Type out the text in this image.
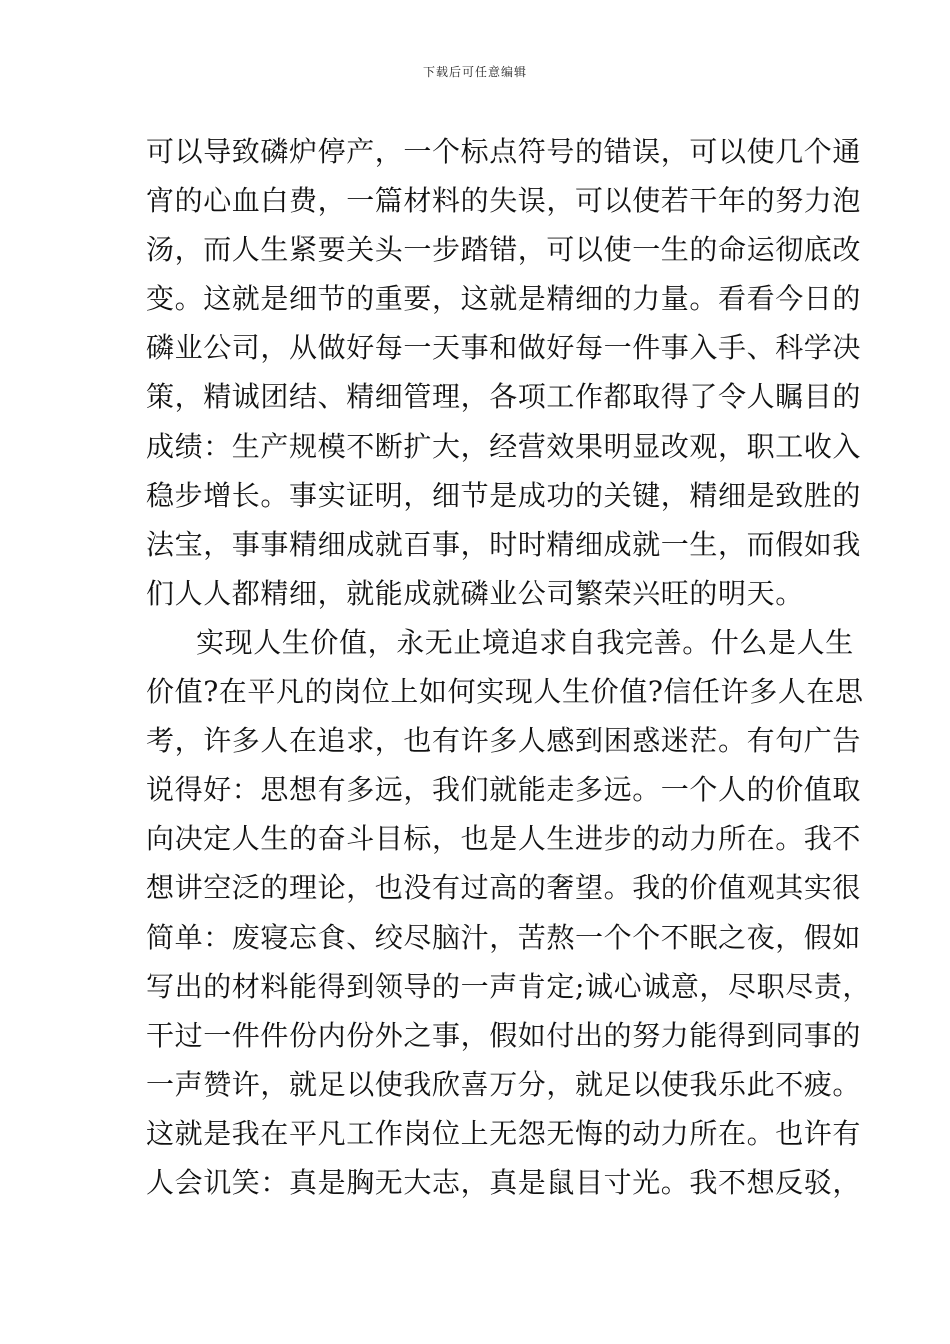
下载后可任意编辑
可以导致磷炉停产，一个标点符号的错误，可以使几个通
宵的心血白费，一篇材料的失误，可以使若干年的努力泡
汤，而人生紧要关头一步踏错，可以使一生的命运彻底改
变。这就是细节的重要，这就是精细的力量。看看今日的
磷业公司，从做好每一天事和做好每一件事入手、科学决
策，精诚团结、精细管理，各项工作都取得了令人瞩目的
成绩：生产规模不断扩大，经营效果明显改观，职工收入
稳步增长。事实证明，细节是成功的关键，精细是致胜的
法宝，事事精细成就百事，时时精细成就一生，而假如我
们人人都精细，就能成就磷业公司繁荣兴旺的明天。
实现人生价值，永无止境追求自我完善。什么是人生
价值?在平凡的岗位上如何实现人生价值?信任许多人在思
考，许多人在追求，也有许多人感到困惑迷茫。有句广告
说得好：思想有多远，我们就能走多远。一个人的价值取
向决定人生的奋斗目标，也是人生进步的动力所在。我不
想讲空泛的理论，也没有过高的奢望。我的价值观其实很
简单：废寝忘食、绞尽脑汁，苦熬一个个不眠之夜，假如
写出的材料能得到领导的一声肯定;诚心诚意，尽职尽责，
干过一件件份内份外之事，假如付出的努力能得到同事的
一声赞许，就足以使我欣喜万分，就足以使我乐此不疲。
这就是我在平凡工作岗位上无怨无悔的动力所在。也许有
人会讥笑：真是胸无大志，真是鼠目寸光。我不想反驳，
